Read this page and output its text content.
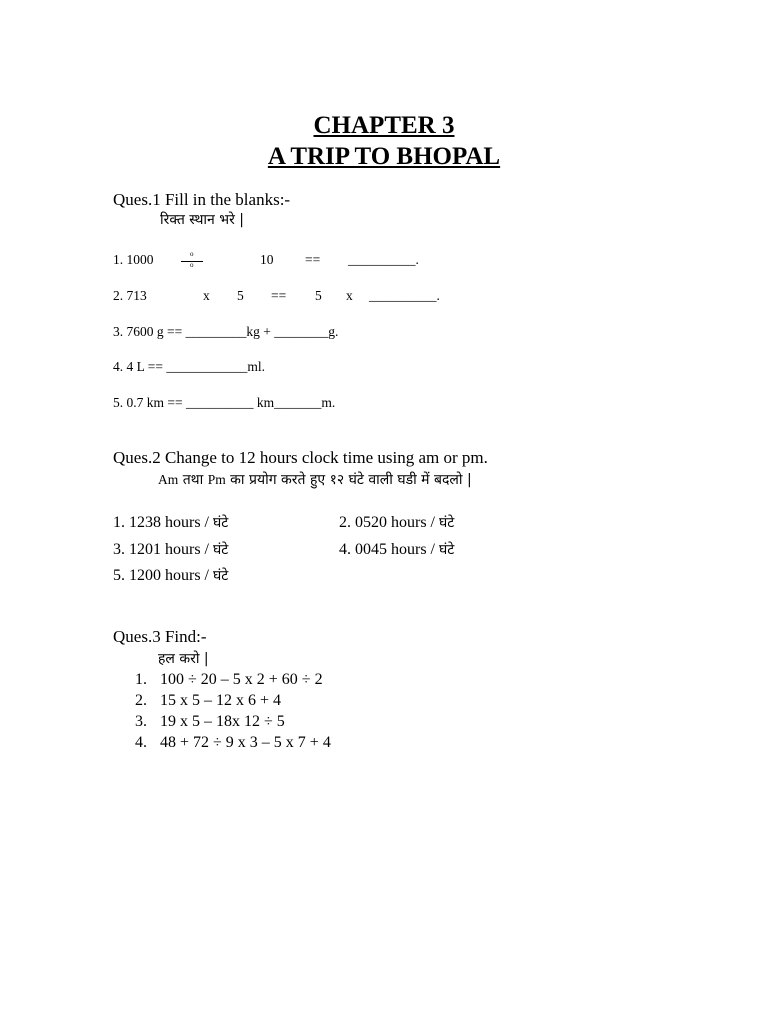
CHAPTER 3
A TRIP TO BHOPAL
Ques.1 Fill in the blanks:-
रिक्त स्थान भरे |
1. 1000	$\frac{o}{o}$	10 == __________.
2. 713	x 5 == 5 x __________.
3. 7600 g == _________kg + ________g.
4. 4 L == ____________ml.
5. 0.7 km == __________ km_______m.
Ques.2 Change to 12 hours clock time using am or pm.
Am तथा Pm का प्रयोग करते हुए १२ घंटे वाली घडी में बदलो |
1. 1238 hours / घंटे	2. 0520 hours / घंटे
3. 1201 hours / घंटे	4. 0045 hours / घंटे
5. 1200 hours / घंटे
Ques.3 Find:-
हल करो |
1. 100 ÷ 20 – 5 x 2 + 60 ÷ 2
2. 15 x 5 – 12 x 6 + 4
3. 19 x 5 – 18x 12 ÷ 5
4. 48 + 72 ÷ 9 x 3 – 5 x 7 + 4
